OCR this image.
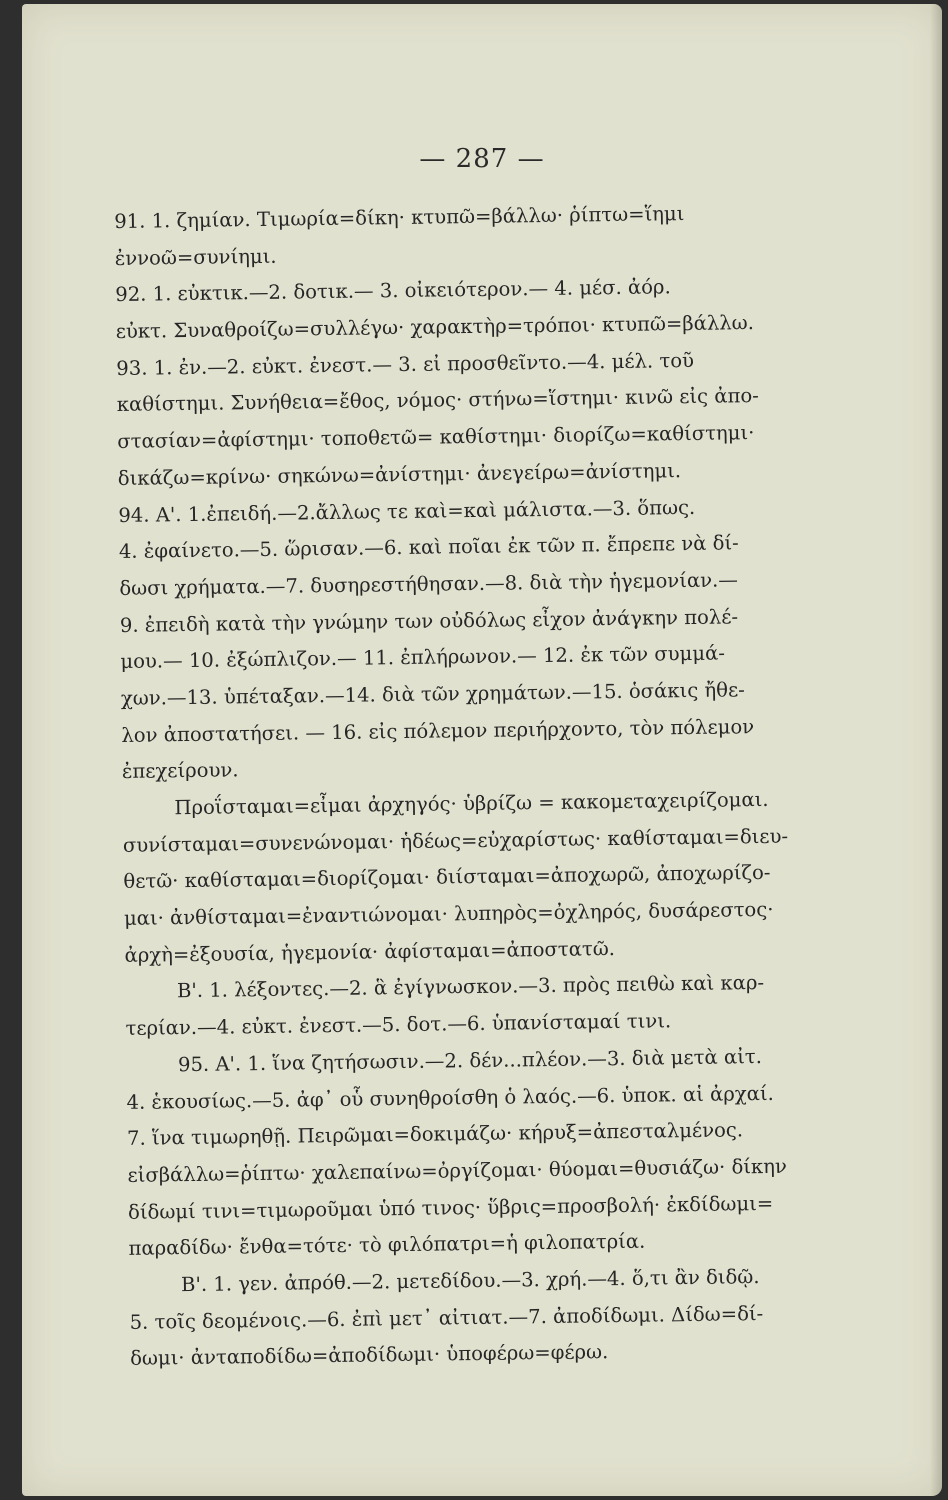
— 287 —
91. 1. ζημίαν. Τιμωρία=δίκη· κτυπῶ=βάλλω· ῥίπτω=ἵημι
ἐννοῶ=συνίημι.
92. 1. εὐκτικ.—2. δοτικ.— 3. οἰκειότερον.— 4. μέσ. ἀόρ.
εὐκτ. Συναθροίζω=συλλέγω· χαρακτὴρ=τρόποι· κτυπῶ=βάλλω.
93. 1. ἐν.—2. εὐκτ. ἐνεστ.— 3. εἰ προσθεῖντο.—4. μέλ. τοῦ
καθίστημι. Συνήθεια=ἔθος, νόμος· στήνω=ἵστημι· κινῶ εἰς ἀπο-
στασίαν=ἀφίστημι· τοποθετῶ= καθίστημι· διορίζω=καθίστημι·
δικάζω=κρίνω· σηκώνω=ἀνίστημι· ἀνεγείρω=ἀνίστημι.
94. Α'. 1.ἐπειδή.—2.ἄλλως τε καὶ=καὶ μάλιστα.—3. ὅπως.
4. ἐφαίνετο.—5. ὥρισαν.—6. καὶ ποῖαι ἐκ τῶν π. ἔπρεπε νὰ δί-
δωσι χρήματα.—7. δυσηρεστήθησαν.—8. διὰ τὴν ἡγεμονίαν.—
9. ἐπειδὴ κατὰ τὴν γνώμην των οὐδόλως εἶχον ἀνάγκην πολέ-
μου.— 10. ἐξώπλιζον.— 11. ἐπλήρωνον.— 12. ἐκ τῶν συμμά-
χων.—13. ὑπέταξαν.—14. διὰ τῶν χρημάτων.—15. ὁσάκις ἤθε-
λον ἀποστατήσει. — 16. εἰς πόλεμον περιήρχοντο, τὸν πόλεμον
ἐπεχείρουν.
Προΐσταμαι=εἶμαι ἀρχηγός· ὑβρίζω = κακομεταχειρίζομαι.
συνίσταμαι=συνενώνομαι· ἡδέως=εὐχαρίστως· καθίσταμαι=διευ-
θετῶ· καθίσταμαι=διορίζομαι· διίσταμαι=ἀποχωρῶ, ἀποχωρίζο-
μαι· ἀνθίσταμαι=ἐναντιώνομαι· λυπηρὸς=ὀχληρός, δυσάρεστος·
ἀρχὴ=ἐξουσία, ἡγεμονία· ἀφίσταμαι=ἀποστατῶ.
Β'. 1. λέξοντες.—2. ἃ ἐγίγνωσκον.—3. πρὸς πειθὼ καὶ καρ-
τερίαν.—4. εὐκτ. ἐνεστ.—5. δοτ.—6. ὑπανίσταμαί τινι.
95. Α'. 1. ἵνα ζητήσωσιν.—2. δέν...πλέον.—3. διὰ μετὰ αἰτ.
4. ἑκουσίως.—5. ἀφ᾿ οὗ συνηθροίσθη ὁ λαός.—6. ὑποκ. αἱ ἀρχαί.
7. ἵνα τιμωρηθῇ. Πειρῶμαι=δοκιμάζω· κήρυξ=ἀπεσταλμένος.
εἰσβάλλω=ῥίπτω· χαλεπαίνω=ὀργίζομαι· θύομαι=θυσιάζω· δίκην
δίδωμί τινι=τιμωροῦμαι ὑπό τινος· ὕβρις=προσβολή· ἐκδίδωμι=
παραδίδω· ἔνθα=τότε· τὸ φιλόπατρι=ἡ φιλοπατρία.
Β'. 1. γεν. ἀπρόθ.—2. μετεδίδου.—3. χρή.—4. ὅ,τι ἂν διδῷ.
5. τοῖς δεομένοις.—6. ἐπὶ μετ᾿ αἰτιατ.—7. ἀποδίδωμι. Δίδω=δί-
δωμι· ἀνταποδίδω=ἀποδίδωμι· ὑποφέρω=φέρω.
